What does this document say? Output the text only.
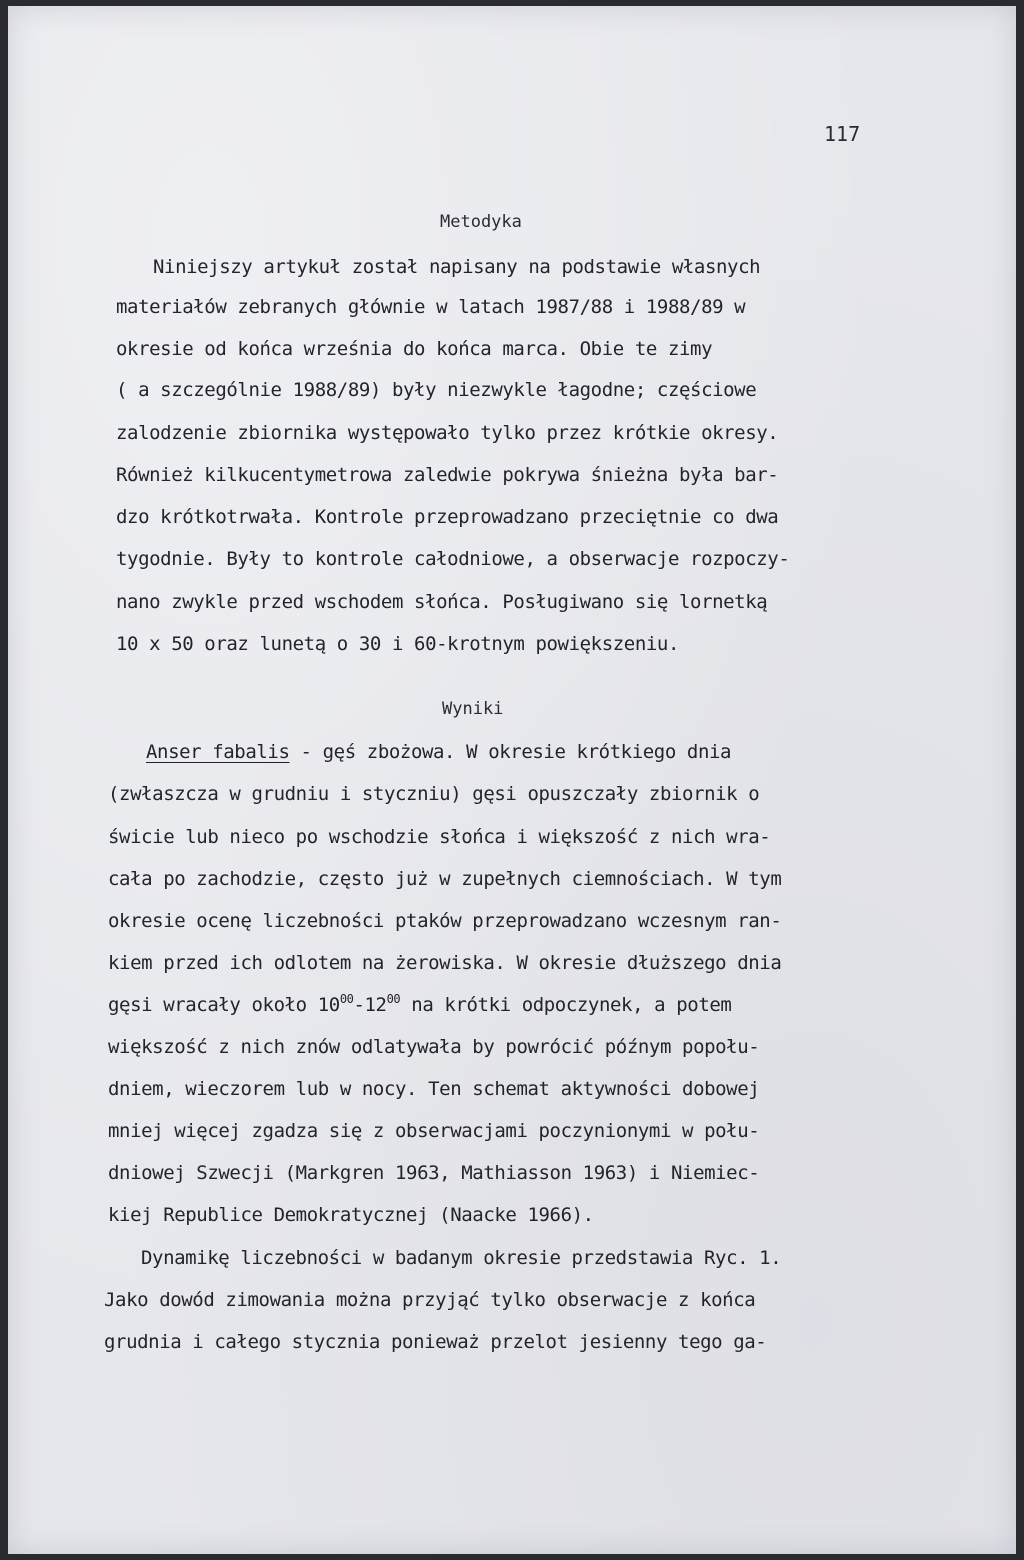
117

Metodyka

Niniejszy artykuł został napisany na podstawie własnych

materiałów zebranych głównie w latach 1987/88 i 1988/89 w

okresie od końca września do końca marca. Obie te zimy

( a szczególnie 1988/89) były niezwykle łagodne; częściowe

zalodzenie zbiornika występowało tylko przez krótkie okresy.

Również kilkucentymetrowa zaledwie pokrywa śnieżna była bar-

dzo krótkotrwała. Kontrole przeprowadzano przeciętnie co dwa

tygodnie. Były to kontrole całodniowe, a obserwacje rozpoczy-

nano zwykle przed wschodem słońca. Posługiwano się lornetką

10 x 50 oraz lunetą o 30 i 60-krotnym powiększeniu.

Wyniki

Anser fabalis - gęś zbożowa. W okresie krótkiego dnia

(zwłaszcza w grudniu i styczniu) gęsi opuszczały zbiornik o

świcie lub nieco po wschodzie słońca i większość z nich wra-

cała po zachodzie, często już w zupełnych ciemnościach. W tym

okresie ocenę liczebności ptaków przeprowadzano wczesnym ran-

kiem przed ich odlotem na żerowiska. W okresie dłuższego dnia

gęsi wracały około $10^{00}-12^{00}$ na krótki odpoczynek, a potem

większość z nich znów odlatywała by powrócić późnym popołu-

dniem, wieczorem lub w nocy. Ten schemat aktywności dobowej

mniej więcej zgadza się z obserwacjami poczynionymi w połu-

dniowej Szwecji (Markgren 1963, Mathiasson 1963) i Niemiec-

kiej Republice Demokratycznej (Naacke 1966).

Dynamikę liczebności w badanym okresie przedstawia Ryc. 1.

Jako dowód zimowania można przyjąć tylko obserwacje z końca

grudnia i całego stycznia ponieważ przelot jesienny tego ga-
